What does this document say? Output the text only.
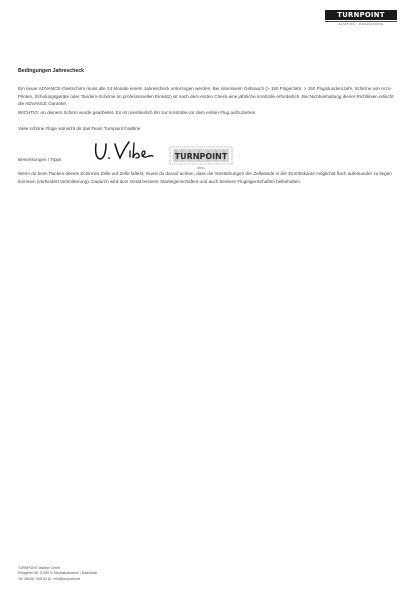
TURNPOINT
AVIATION · PARAGLIDING
Bedingungen Jahrescheck

Ein neuer ADVANCE-Gleitschirm muss alle 24 Monate einem Jahrescheck unterzogen werden. Bei intensivem Gebrauch (> 150 Flüge/Jahr, > 150 Flugstunden/Jahr, Schirme von Acro-Piloten, Schulungsgeräte oder Tandem-Schirme im professionellen Einsatz) ist nach dem ersten Check eine jährliche Kontrolle erforderlich. Bei Nichteinhaltung dieser Richtlinien erlischt die ADVANCE Garantie.

WICHTIG: An deinem Schirm wurde gearbeitet. Es ist unerlässlich ihn zur Kontrolle vor dem ersten Flug aufzuziehen.

Viele schöne Flüge wünscht dir das Team Turnpoint Fastline

Bemerkungen / Tipps	TURNPOINT
BEINA

Wenn du beim Packen deines Schirmes Zelle auf Zelle faltest, musst du darauf achten, dass die Verstärkungen der Zellwände in der Eintrittskante möglichst flach aufeinander zu liegen kommen (verhindert Verknitterung). Dadurch wird dein Gerät bessere Starteigenschaften und auch bessere Flugeigenschaften beibehalten.

TURNPOINT fastline GmbH
Eifingerstr 68, D-83071 Stephanskirchen / Baierbach
Tel. 08036 / 908 82 61, info@turnpoint.de
